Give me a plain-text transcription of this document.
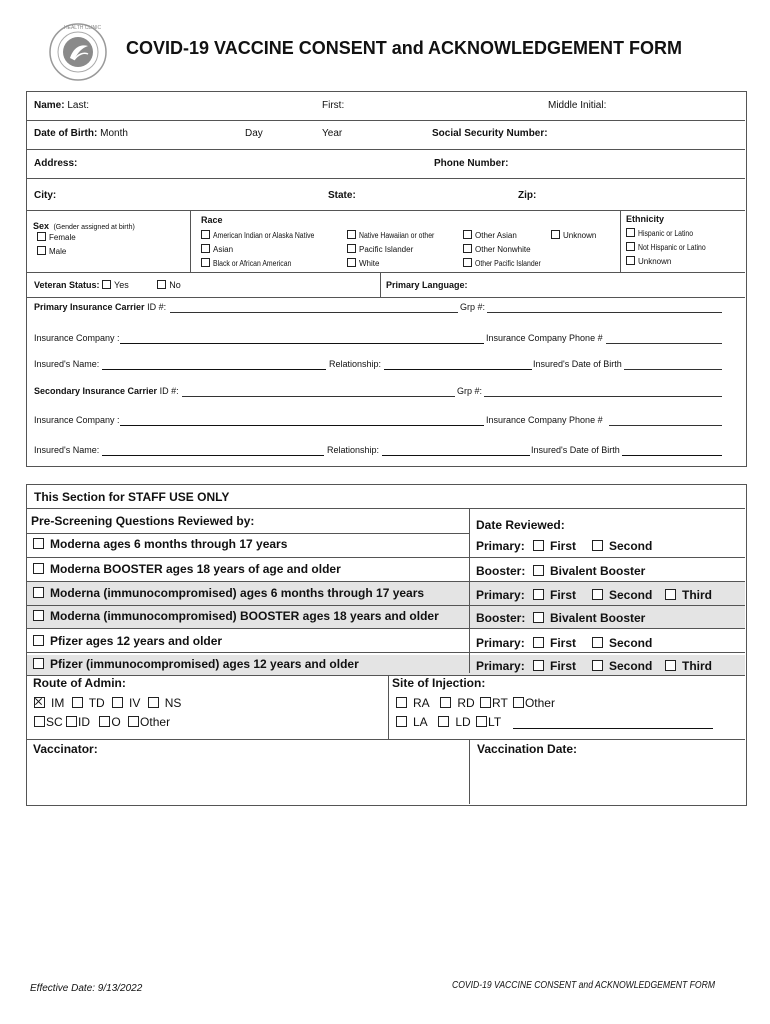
HEALTH CLINIC
COVID-19 VACCINE CONSENT and ACKNOWLEDGEMENT FORM
Name: Last:	First:	Middle Initial:
Date of Birth: Month	Day	Year	Social Security Number:
Address:	Phone Number:
City:	State:	Zip:
Sex (Gender assigned at birth)
Female
Male
Race
American Indian or Alaska Native
Asian
Black or African American
Native Hawaiian or other
Pacific Islander
White
Other Asian
Other Nonwhite
Other Pacific Islander
Unknown
Ethnicity
Hispanic or Latino
Not Hispanic or Latino
Unknown
Veteran Status: Yes	No	Primary Language:
Primary Insurance Carrier ID #:	Grp #:
Insurance Company :	Insurance Company Phone #
Insured's Name:	Relationship:	Insured's Date of Birth
Secondary Insurance Carrier ID #:	Grp #:
Insurance Company :	Insurance Company Phone #
Insured's Name:	Relationship:	Insured's Date of Birth
This Section for STAFF USE ONLY
Pre-Screening Questions Reviewed by:	Date Reviewed:
Moderna ages 6 months through 17 years	Primary:	First	Second
Moderna BOOSTER ages 18 years of age and older	Booster:	Bivalent Booster
Moderna (immunocompromised) ages 6 months through 17 years	Primary:	First	Second	Third
Moderna (immunocompromised) BOOSTER ages 18 years and older	Booster:	Bivalent Booster
Pfizer ages 12 years and older	Primary:	First	Second
Pfizer (immunocompromised) ages 12 years and older	Primary:	First	Second	Third
Route of Admin:
IM TD IV NS
SC ID O Other
Site of Injection:
RA RD RT Other
LA LD LT
Vaccinator:	Vaccination Date:
Effective Date: 9/13/2022	COVID-19 VACCINE CONSENT and ACKNOWLEDGEMENT FORM
